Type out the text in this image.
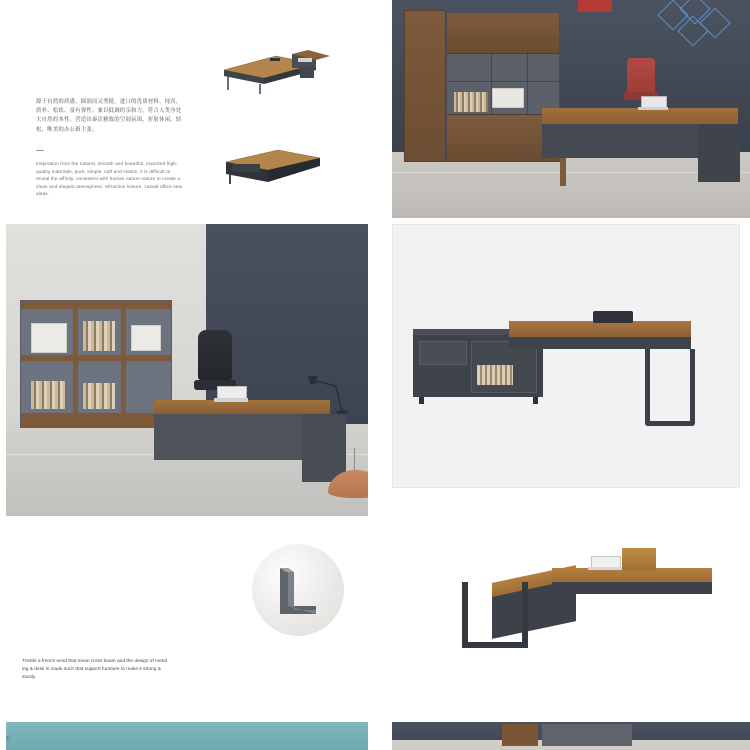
源于自然的质感，圆润而又秀挺。进口的优质材料、纯真、质朴、松软、富有弹性；兼以低调的亲和力，符合人类身处大自然的本性。营造出秦洁雅致的空间氛围，折射休闲、轻松、唯美的办公新主张。
Inspiration from the natural, smooth and beautiful, imported high-quality materials, pure, simple, soft and elastic, it is difficult to reveal the affinity, consistent with human nature nature to create a clean and elegant atmosphere, refraction leisure, casual office new ideas.
Trestle a french word that mean cross beam and the design of metal leg & desk is made such that support furniture to make it strong & sturdy.
11
